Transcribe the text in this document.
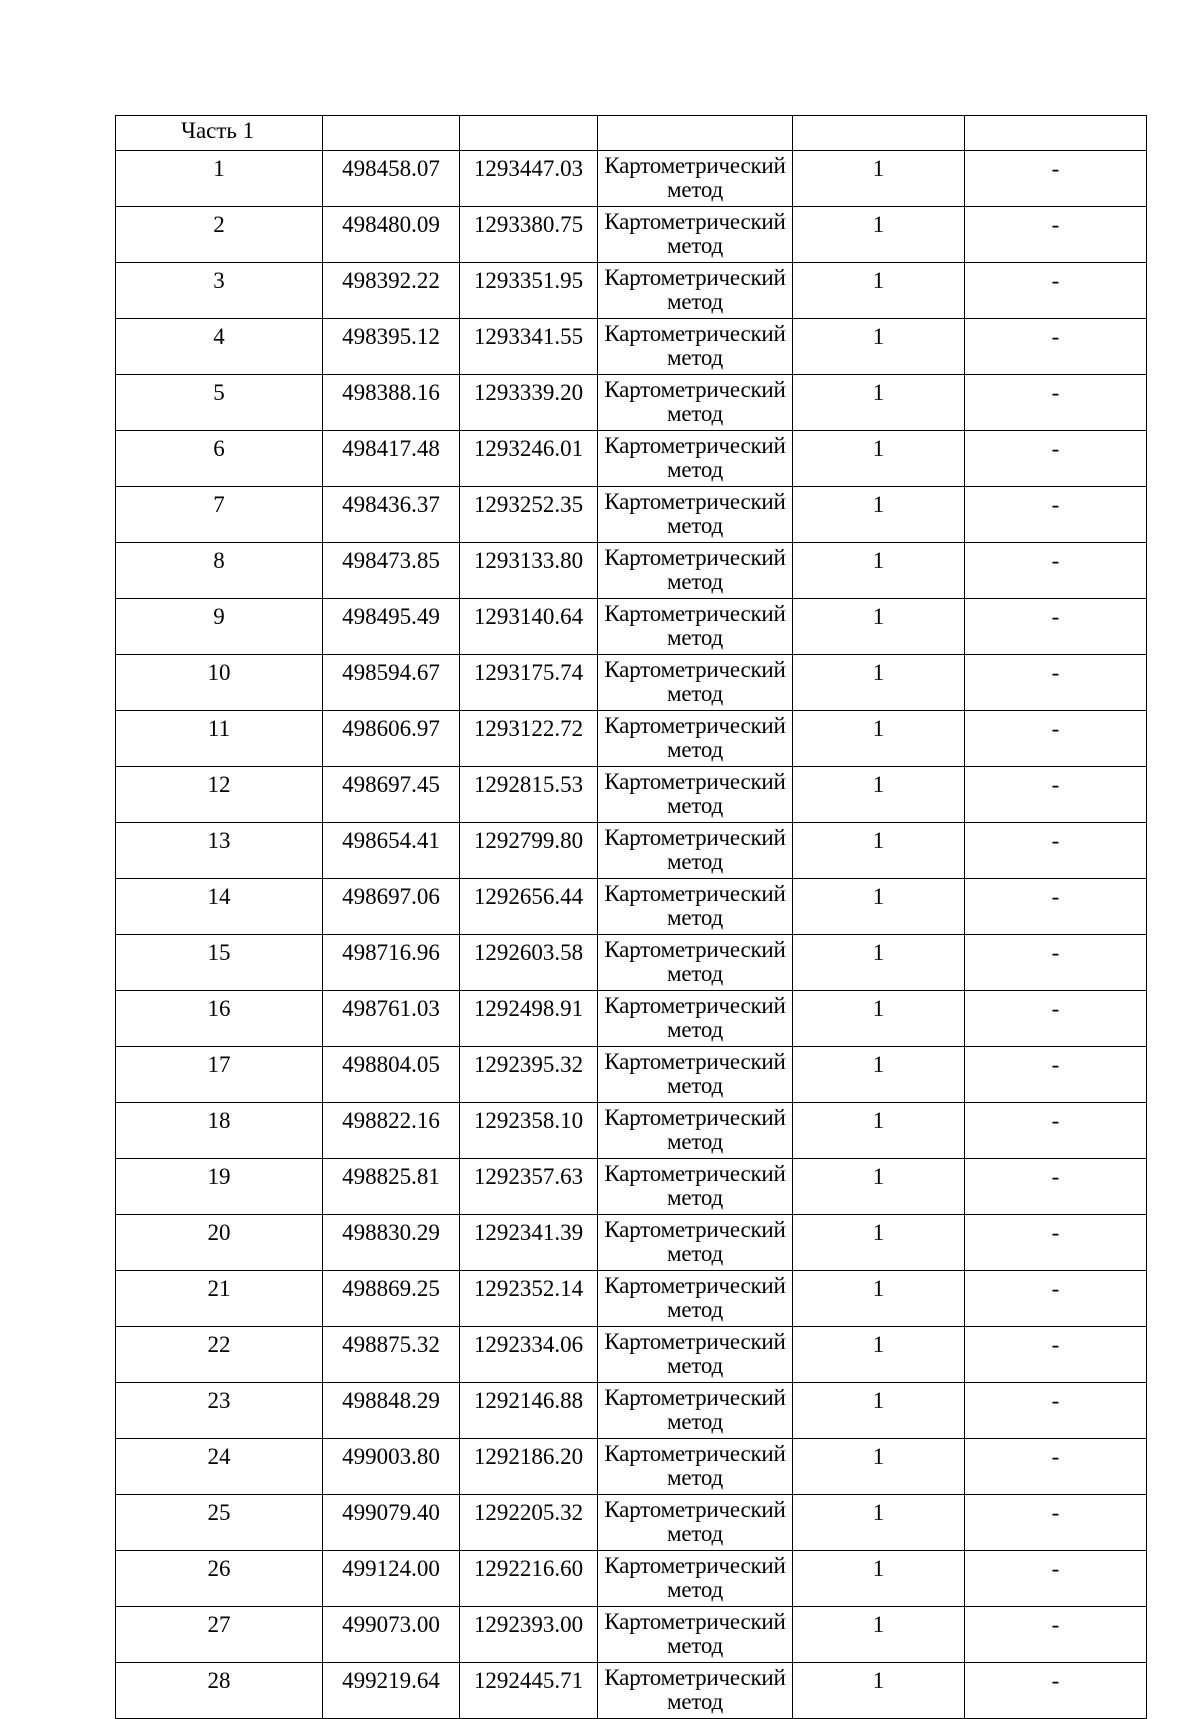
Часть 1					
1	498458.07	1293447.03	Картометрический метод	1	-
2	498480.09	1293380.75	Картометрический метод	1	-
3	498392.22	1293351.95	Картометрический метод	1	-
4	498395.12	1293341.55	Картометрический метод	1	-
5	498388.16	1293339.20	Картометрический метод	1	-
6	498417.48	1293246.01	Картометрический метод	1	-
7	498436.37	1293252.35	Картометрический метод	1	-
8	498473.85	1293133.80	Картометрический метод	1	-
9	498495.49	1293140.64	Картометрический метод	1	-
10	498594.67	1293175.74	Картометрический метод	1	-
11	498606.97	1293122.72	Картометрический метод	1	-
12	498697.45	1292815.53	Картометрический метод	1	-
13	498654.41	1292799.80	Картометрический метод	1	-
14	498697.06	1292656.44	Картометрический метод	1	-
15	498716.96	1292603.58	Картометрический метод	1	-
16	498761.03	1292498.91	Картометрический метод	1	-
17	498804.05	1292395.32	Картометрический метод	1	-
18	498822.16	1292358.10	Картометрический метод	1	-
19	498825.81	1292357.63	Картометрический метод	1	-
20	498830.29	1292341.39	Картометрический метод	1	-
21	498869.25	1292352.14	Картометрический метод	1	-
22	498875.32	1292334.06	Картометрический метод	1	-
23	498848.29	1292146.88	Картометрический метод	1	-
24	499003.80	1292186.20	Картометрический метод	1	-
25	499079.40	1292205.32	Картометрический метод	1	-
26	499124.00	1292216.60	Картометрический метод	1	-
27	499073.00	1292393.00	Картометрический метод	1	-
28	499219.64	1292445.71	Картометрический метод	1	-
